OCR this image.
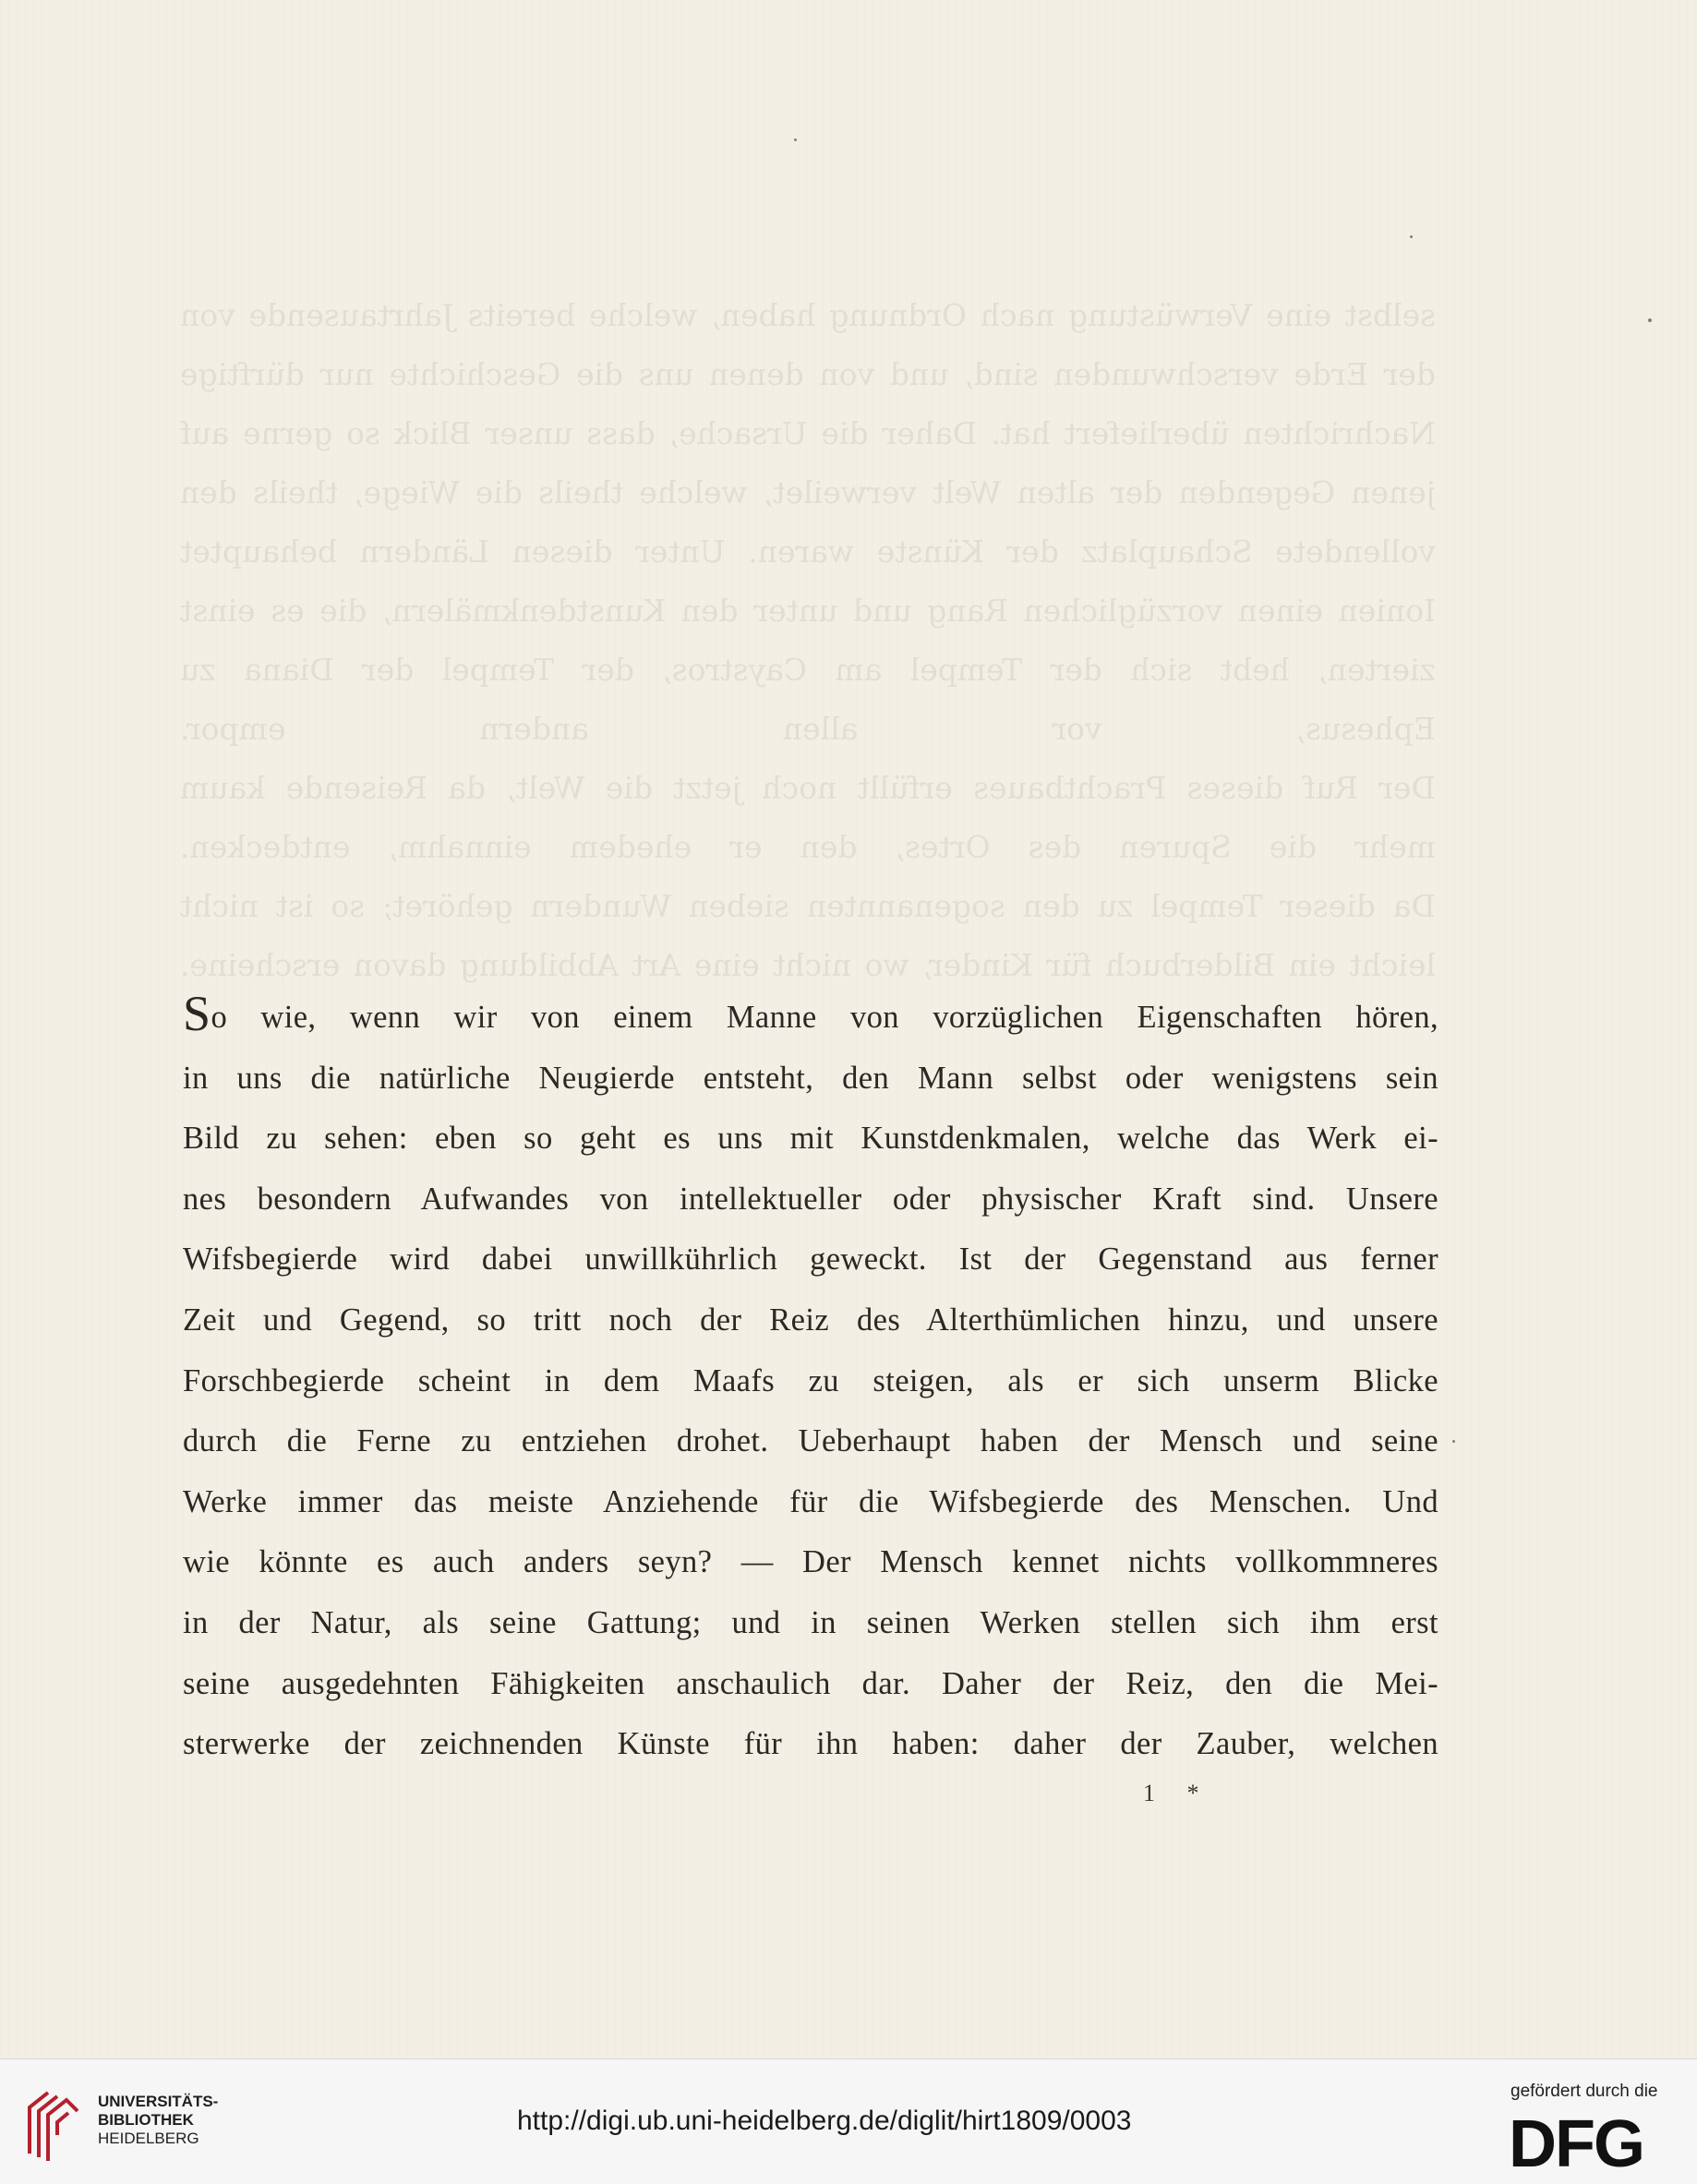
selbst eine Verwüstung nach Ordnung haben, welche bereits Jahrtausende von
der Erde verschwunden sind, und von denen uns die Geschichte nur dürftige
Nachrichten überliefert hat. Daher die Ursache, dass unser Blick so gerne auf
jenen Gegenden der alten Welt verweilet, welche theils die Wiege, theils den
vollendete Schauplatz der Künste waren. Unter diesen Ländern behauptet
Ionien einen vorzüglichen Rang und unter den Kunstdenkmälern, die es einst
zierten, hebt sich der Tempel am Caystros, der Tempel der Diana zu
Ephesus, vor allen andern empor.
Der Ruf dieses Prachtbaues erfüllt noch jetzt die Welt, da Reisende kaum
mehr die Spuren des Ortes, den er ehedem einnahm, entdecken.
Da dieser Tempel zu den sogenannten sieben Wundern gehöret; so ist nicht
leicht ein Bilderbuch für Kinder, wo nicht eine Art Abbildung davon erscheine.
So wie, wenn wir von einem Manne von vorzüglichen Eigenschaften hören,
in uns die natürliche Neugierde entsteht, den Mann selbst oder wenigstens sein
Bild zu sehen: eben so geht es uns mit Kunstdenkmalen, welche das Werk ei-
nes besondern Aufwandes von intellektueller oder physischer Kraft sind. Unsere
Wifsbegierde wird dabei unwillkührlich geweckt. Ist der Gegenstand aus ferner
Zeit und Gegend, so tritt noch der Reiz des Alterthümlichen hinzu, und unsere
Forschbegierde scheint in dem Maafs zu steigen, als er sich unserm Blicke
durch die Ferne zu entziehen drohet. Ueberhaupt haben der Mensch und seine
Werke immer das meiste Anziehende für die Wifsbegierde des Menschen. Und
wie könnte es auch anders seyn? — Der Mensch kennet nichts vollkommneres
in der Natur, als seine Gattung; und in seinen Werken stellen sich ihm erst
seine ausgedehnten Fähigkeiten anschaulich dar. Daher der Reiz, den die Mei-
sterwerke der zeichnenden Künste für ihn haben: daher der Zauber, welchen
1 *
UNIVERSITÄTS-
BIBLIOTHEK
HEIDELBERG
http://digi.ub.uni-heidelberg.de/diglit/hirt1809/0003
gefördert durch die
DFG
